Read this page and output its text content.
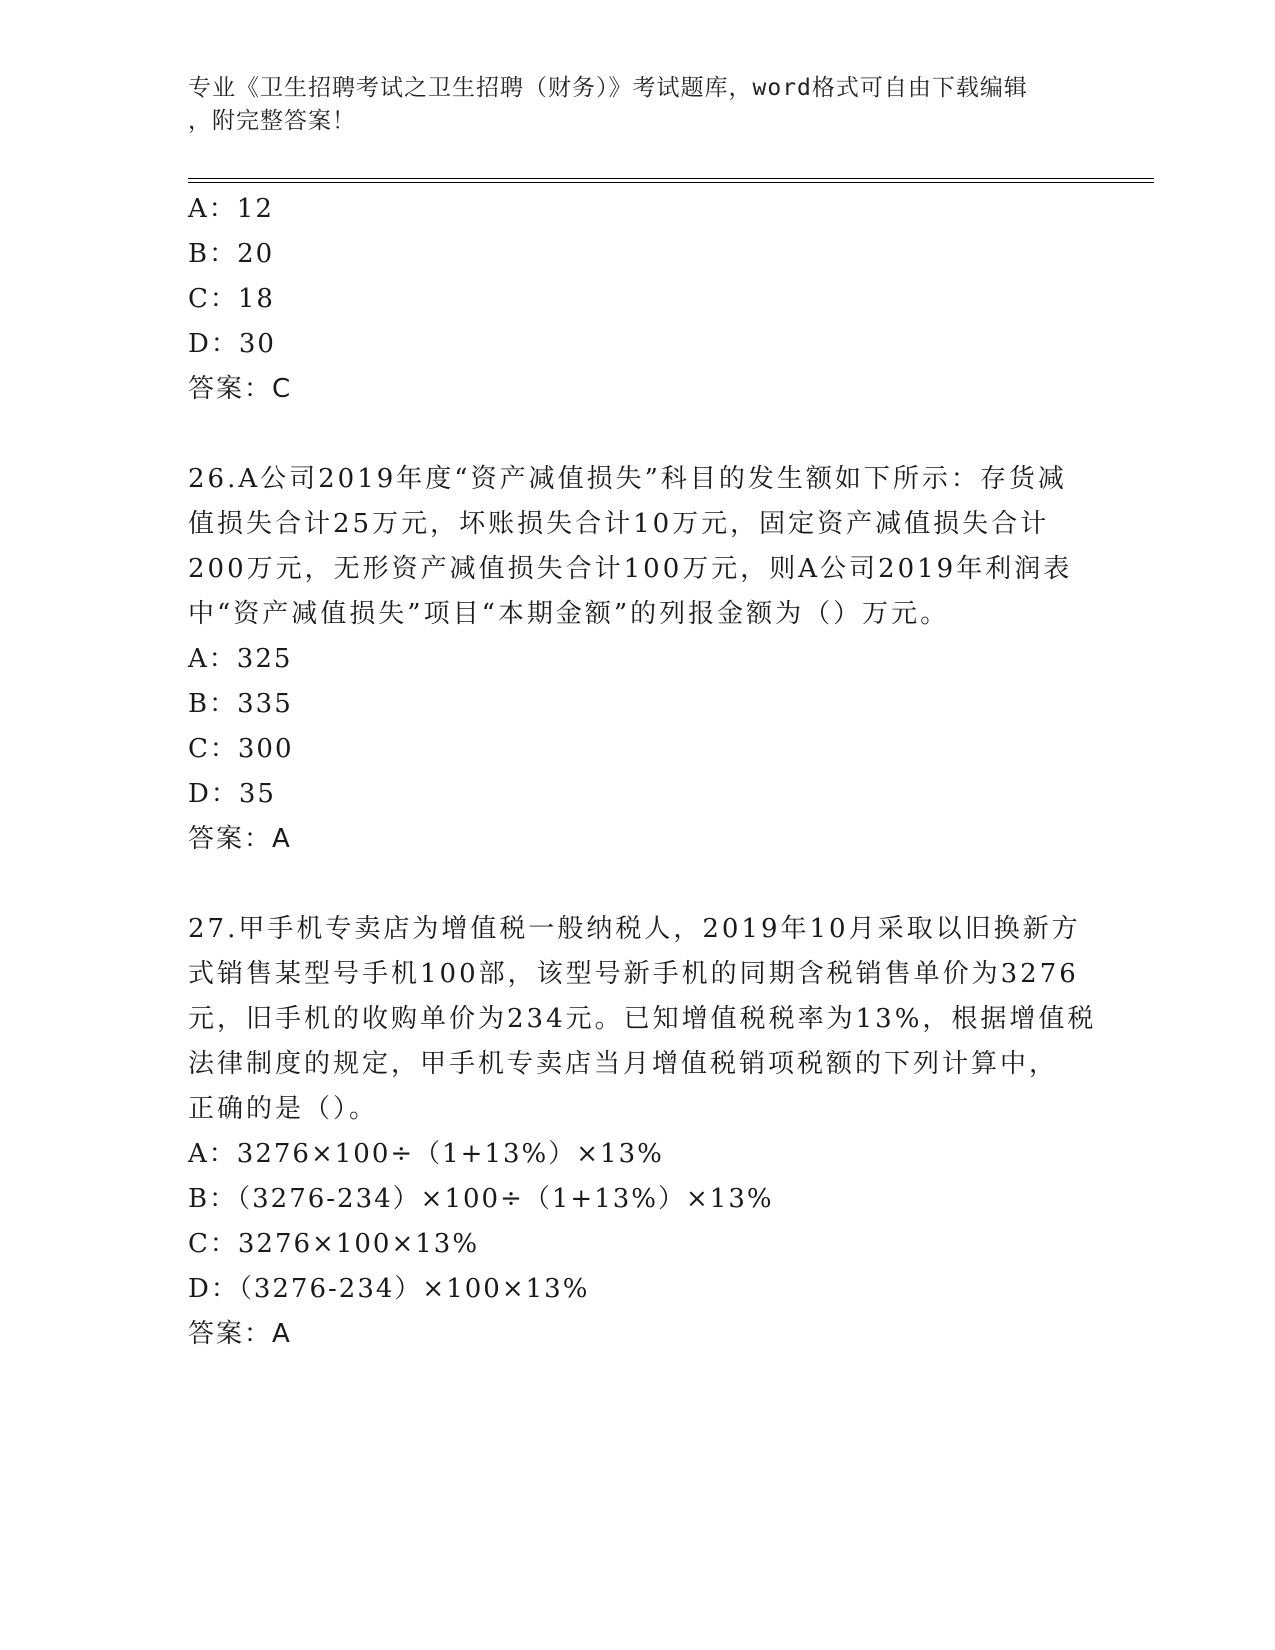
专业《卫生招聘考试之卫生招聘（财务）》考试题库，word格式可自由下载编辑
，附完整答案！
A：12
B：20
C：18
D：30
答案：C
26.A公司2019年度“资产减值损失”科目的发生额如下所示：存货减
值损失合计25万元，坏账损失合计10万元，固定资产减值损失合计
200万元，无形资产减值损失合计100万元，则A公司2019年利润表
中“资产减值损失”项目“本期金额”的列报金额为（）万元。
A：325
B：335
C：300
D：35
答案：A
27.甲手机专卖店为增值税一般纳税人，2019年10月采取以旧换新方
式销售某型号手机100部，该型号新手机的同期含税销售单价为3276
元，旧手机的收购单价为234元。已知增值税税率为13%，根据增值税
法律制度的规定，甲手机专卖店当月增值税销项税额的下列计算中，
正确的是（）。
A：3276×100÷（1+13%）×13%
B：（3276-234）×100÷（1+13%）×13%
C：3276×100×13%
D：（3276-234）×100×13%
答案：A
